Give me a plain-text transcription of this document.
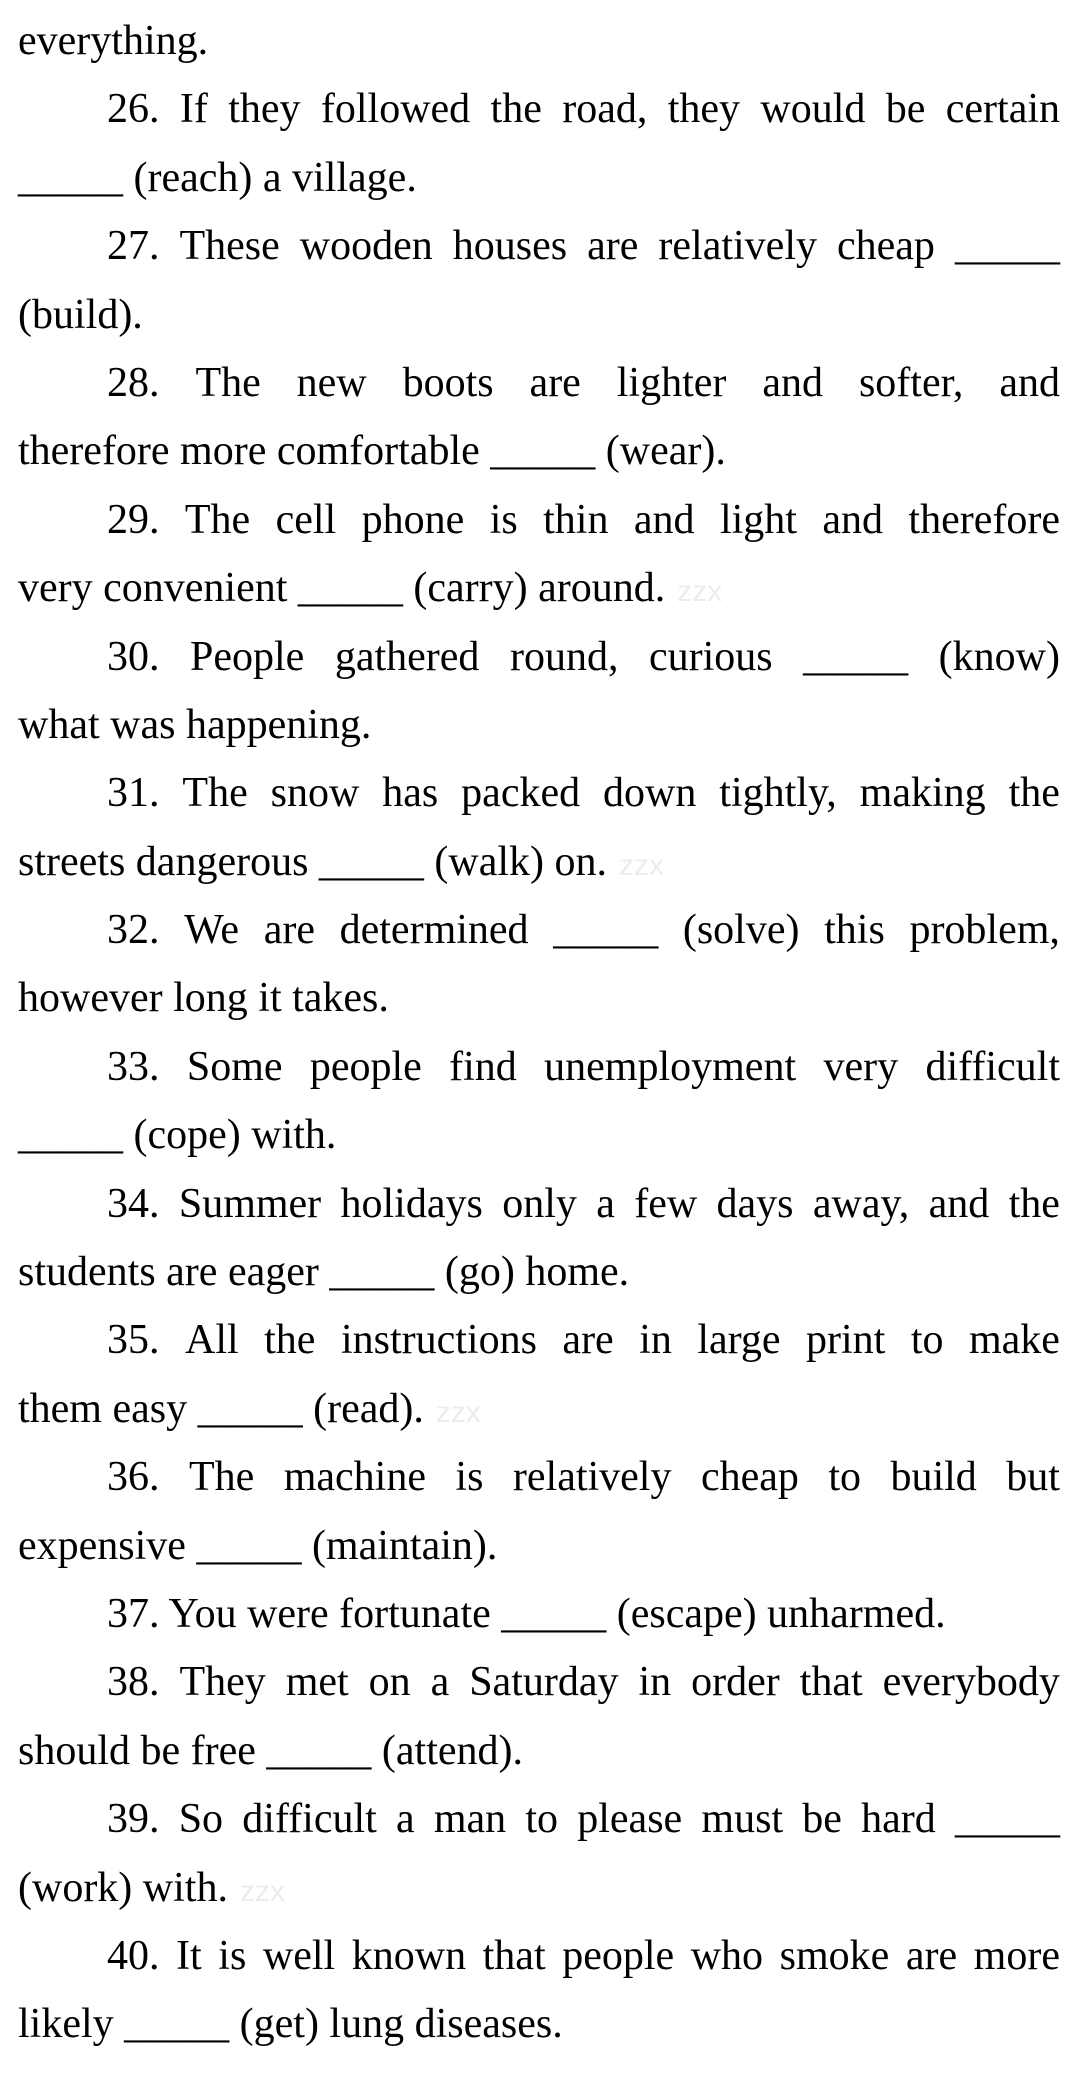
everything.
26. If they followed the road, they would be certain
_____ (reach) a village.
27. These wooden houses are relatively cheap _____
(build).
28. The new boots are lighter and softer, and
therefore more comfortable _____ (wear).
29. The cell phone is thin and light and therefore
very convenient _____ (carry) around. zzx
30. People gathered round, curious _____ (know)
what was happening.
31. The snow has packed down tightly, making the
streets dangerous _____ (walk) on. zzx
32. We are determined _____ (solve) this problem,
however long it takes.
33. Some people find unemployment very difficult
_____ (cope) with.
34. Summer holidays only a few days away, and the
students are eager _____ (go) home.
35. All the instructions are in large print to make
them easy _____ (read). zzx
36. The machine is relatively cheap to build but
expensive _____ (maintain).
37. You were fortunate _____ (escape) unharmed.
38. They met on a Saturday in order that everybody
should be free _____ (attend).
39. So difficult a man to please must be hard _____
(work) with. zzx
40. It is well known that people who smoke are more
likely _____ (get) lung diseases.
